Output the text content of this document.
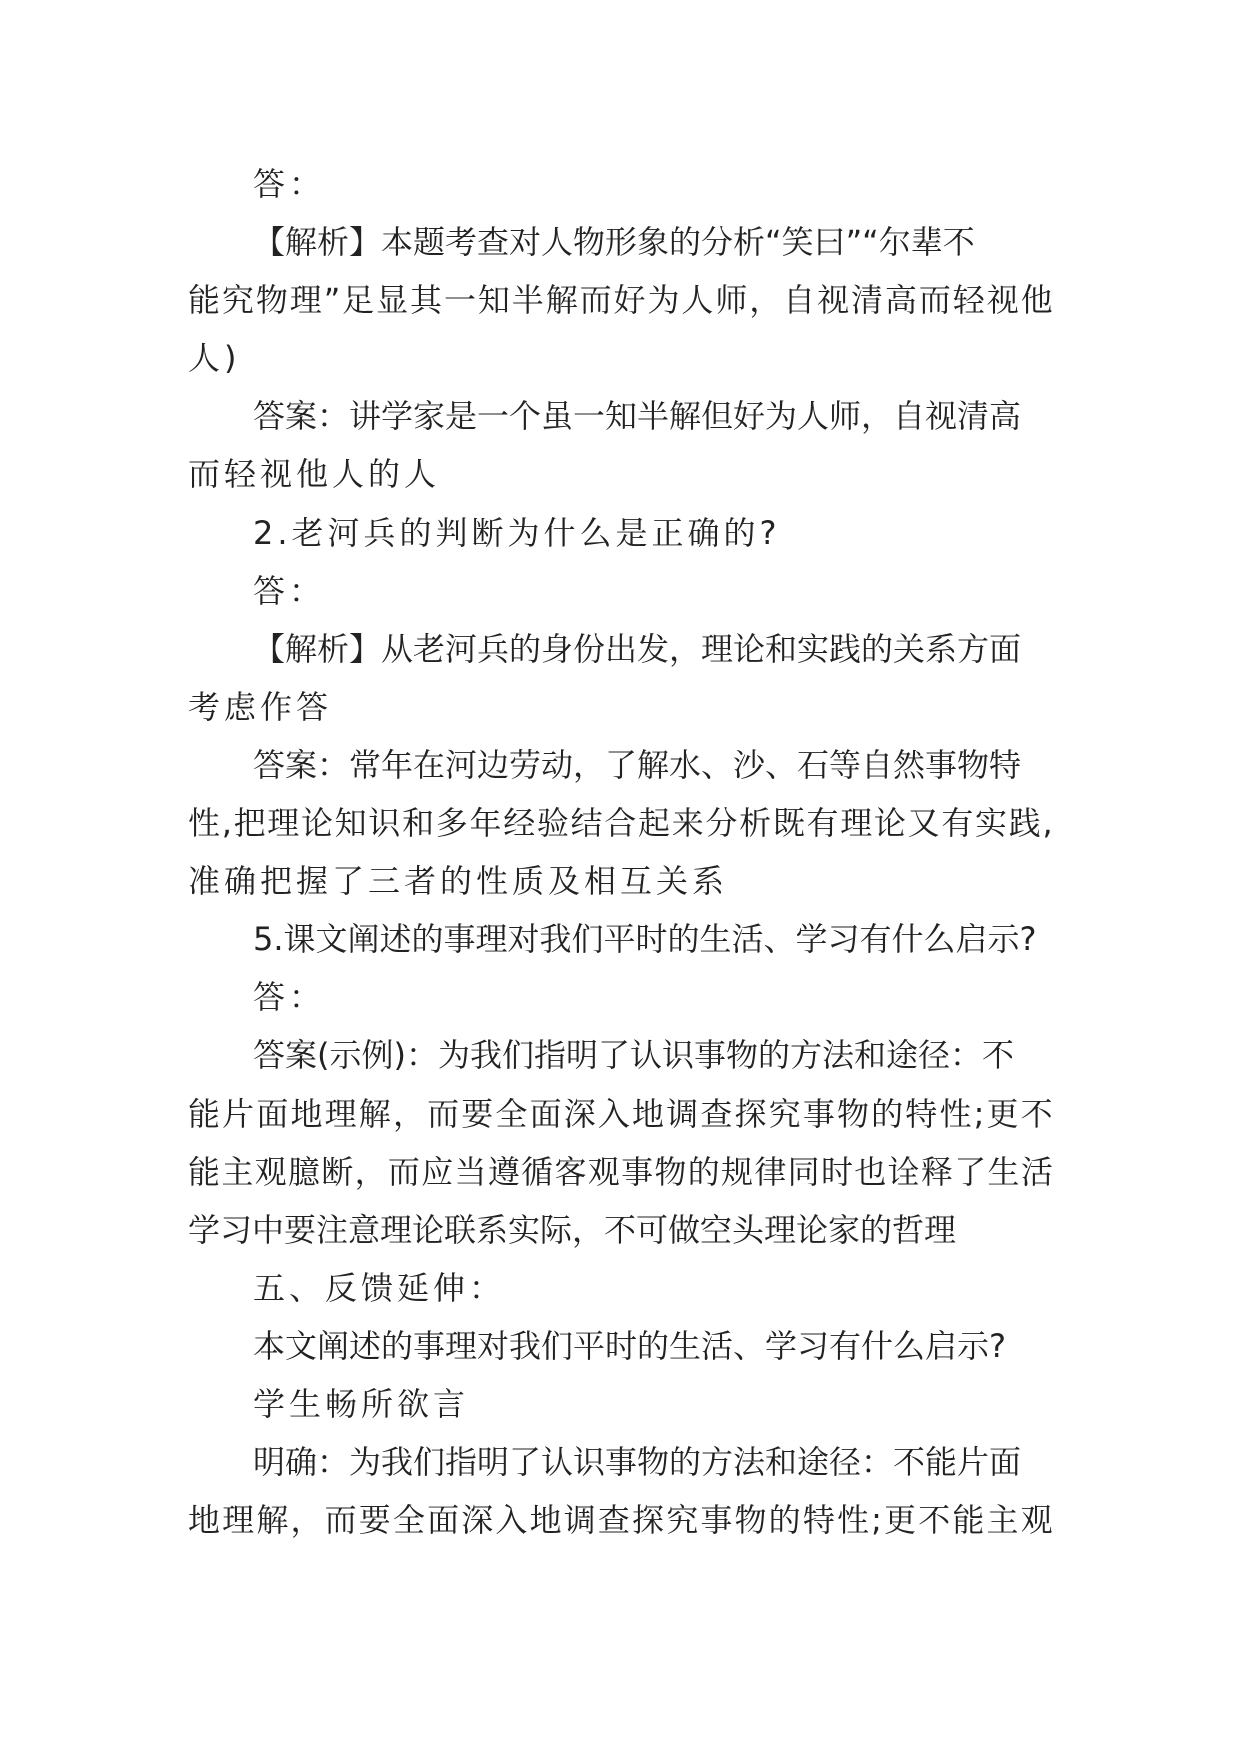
答：
【解析】本题考查对人物形象的分析“笑曰”“尔辈不
能 究 物 理 ” 足 显 其 一 知 半 解 而 好 为 人 师 ， 自 视 清 高 而 轻 视 他
人)
答案：讲学家是一个虽一知半解但好为人师，自视清高
而轻视他人的人
2.老河兵的判断为什么是正确的?
答：
【解析】从老河兵的身份出发，理论和实践的关系方面
考虑作答
答案：常年在河边劳动，了解水、沙、石等自然事物特
性 , 把 理 论 知 识 和 多 年 经 验 结 合 起 来 分 析 既 有 理 论 又 有 实 践 ,
准确把握了三者的性质及相互关系
5.课文阐述的事理对我们平时的生活、学习有什么启示?
答：
答案(示例)：为我们指明了认识事物的方法和途径：不
能 片 面 地 理 解 ， 而 要 全 面 深 入 地 调 查 探 究 事 物 的 特 性 ; 更 不
能 主 观 臆 断 ， 而 应 当 遵 循 客 观 事 物 的 规 律 同 时 也 诠 释 了 生 活
学习中要注意理论联系实际，不可做空头理论家的哲理
五、反馈延伸：
本文阐述的事理对我们平时的生活、学习有什么启示?
学生畅所欲言
明确：为我们指明了认识事物的方法和途径：不能片面
地 理 解 ， 而 要 全 面 深 入 地 调 查 探 究 事 物 的 特 性 ; 更 不 能 主 观
